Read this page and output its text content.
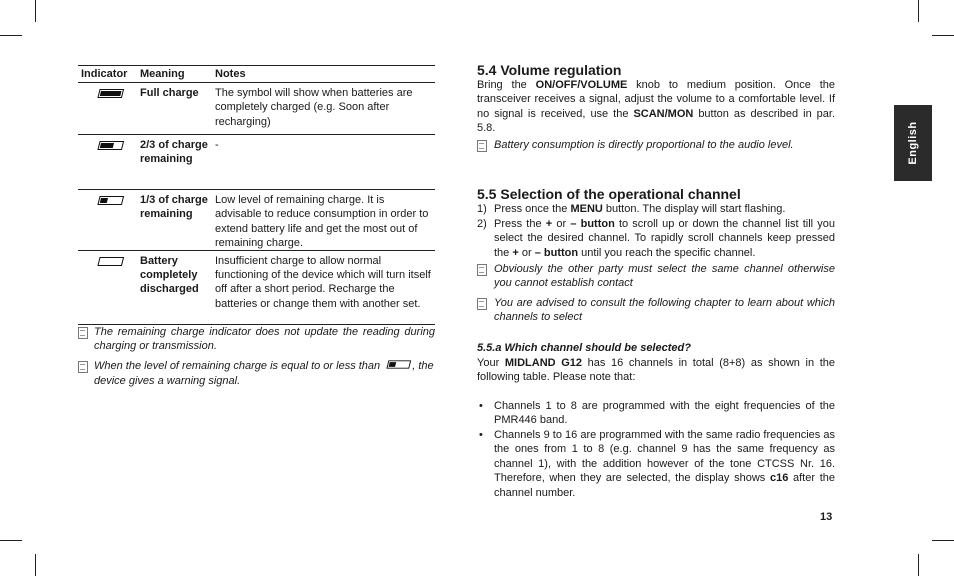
Indicator	Meaning	Notes
	Full charge	The symbol will show when batteries are completely charged (e.g. Soon after recharging)
	2/3 of charge remaining	-
	1/3 of charge remaining	Low level of remaining charge. It is advisable to reduce consumption in order to extend battery life and get the most out of remaining charge.
	Battery completely discharged	Insufficient charge to allow normal functioning of the device which will turn itself off after a short period. Recharge the batteries or change them with another set.

The remaining charge indicator does not update the reading during charging or transmission.

When the level of remaining charge is equal to or less than	, the device gives a warning signal.

5.4 Volume regulation

Bring the ON/OFF/VOLUME knob to medium position. Once the transceiver receives a signal, adjust the volume to a comfortable level. If no signal is received, use the SCAN/MON button as described in par. 5.8.

Battery consumption is directly proportional to the audio level.

5.5 Selection of the operational channel
1) Press once the MENU button. The display will start flashing.

2) Press the + or – button to scroll up or down the channel list till you select the desired channel. To rapidly scroll channels keep pressed the + or – button until you reach the specific channel.

Obviously the other party must select the same channel otherwise you cannot establish contact

You are advised to consult the following chapter to learn about which channels to select

5.5.a Which channel should be selected?

Your MIDLAND G12 has 16 channels in total (8+8) as shown in the following table. Please note that:

• Channels 1 to 8 are programmed with the eight frequencies of the PMR446 band.

• Channels 9 to 16 are programmed with the same radio frequencies as the ones from 1 to 8 (e.g. channel 9 has the same frequency as channel 1), with the addition however of the tone CTCSS Nr. 16. Therefore, when they are selected, the display shows c16 after the channel number.

13
English
